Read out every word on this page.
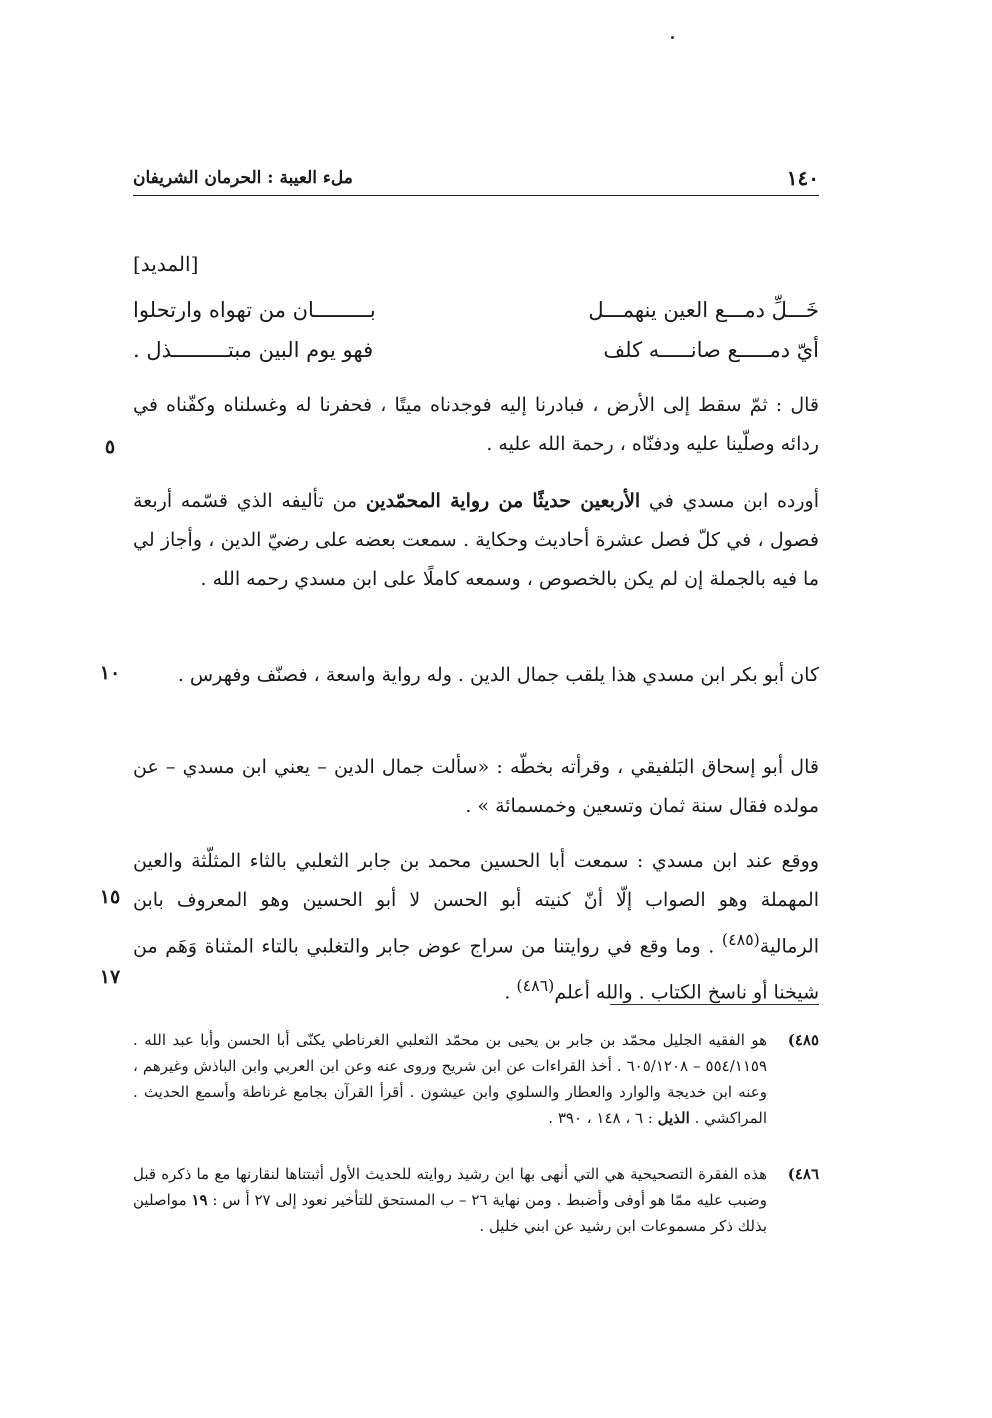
١٤٠
ملء العيبة : الحرمان الشريفان
[المديد]
خَـــلِّ دمـــع العين ينهمـــل
بـــــــــان من تهواه وارتحلوا
أيّ دمـــــع صانـــــه كلف
فهو يوم البين مبتـــــــــذل .
قال : ثمّ سقط إلى الأرض ، فبادرنا إليه فوجدناه ميتًا ، فحفرنا له وغسلناه وكفّناه في ردائه وصلّينا عليه ودفنّاه ، رحمة الله عليه .
أورده ابن مسدي في الأربعين حديثًا من رواية المحمّدين من تأليفه الذي قسّمه أربعة فصول ، في كلّ فصل عشرة أحاديث وحكاية . سمعت بعضه على رضيّ الدين ، وأجاز لي ما فيه بالجملة إن لم يكن بالخصوص ، وسمعه كاملًا على ابن مسدي رحمه الله .
كان أبو بكر ابن مسدي هذا يلقب جمال الدين . وله رواية واسعة ، فصنّف وفهرس .
قال أبو إسحاق البَلفيقي ، وقرأته بخطّه : «سألت جمال الدين – يعني ابن مسدي – عن مولده فقال سنة ثمان وتسعين وخمسمائة » .
ووقع عند ابن مسدي : سمعت أبا الحسين محمد بن جابر الثعلبي بالثاء المثلّثة والعين المهملة وهو الصواب إلّا أنّ كنيته أبو الحسن لا أبو الحسين وهو المعروف بابن الرمالية$^{(٤٨٥)}$ . وما وقع في روايتنا من سراج عوض جابر والتغلبي بالتاء المثناة وَهَم من شيخنا أو ناسخ الكتاب . والله أعلم$^{(٤٨٦)}$ .
٥
١٠
١٥
١٧
٤٨٥)
هو الفقيه الجليل محمّد بن جابر بن يحيى بن محمّد الثعلبي الغرناطي يكنّى أبا الحسن وأبا عبد الله . ٥٥٤/١١٥٩ – ٦٠٥/١٢٠٨ . أخذ القراءات عن ابن شريح وروى عنه وعن ابن العربي وابن الباذش وغيرهم ، وعنه ابن خديجة والوارد والعطار والسلوي وابن عيشون . أقرأ القرآن بجامع غرناطة وأسمع الحديث . المراكشي . الذيل : ٦ ، ١٤٨ ، ٣٩٠ .
٤٨٦)
هذه الفقرة التصحيحية هي التي أنهى بها ابن رشيد روايته للحديث الأول أثبتناها لنقارنها مع ما ذكره قبل وضبب عليه ممّا هو أوفى وأضبط . ومن نهاية ٢٦ – ب المستحق للتأخير نعود إلى ٢٧ أ س : ١٩ مواصلين بذلك ذكر مسموعات ابن رشيد عن ابني خليل .
